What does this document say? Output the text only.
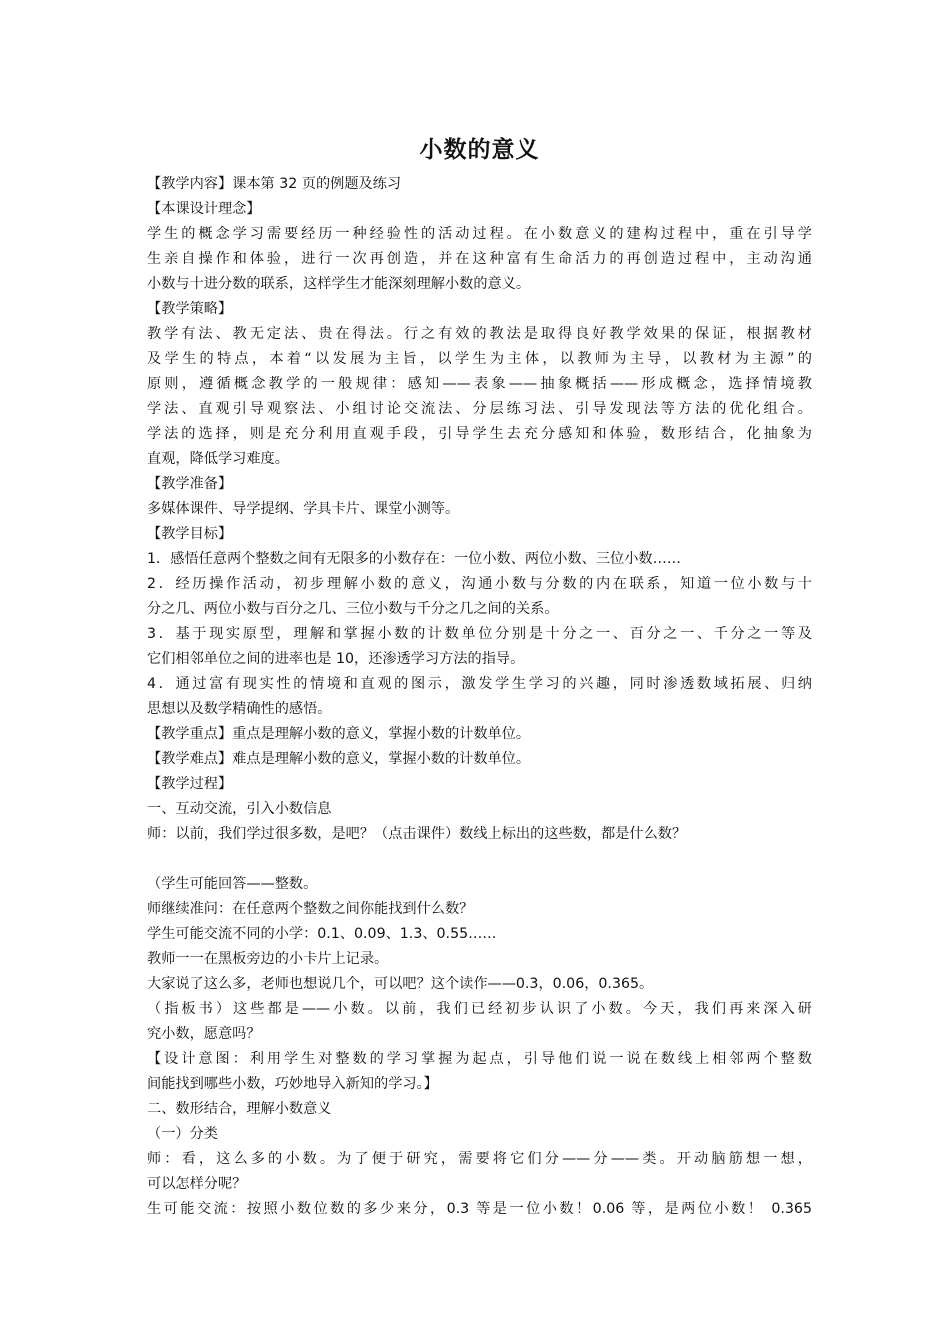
小数的意义
【教学内容】课本第 32 页的例题及练习
【本课设计理念】
学生的概念学习需要经历一种经验性的活动过程。在小数意义的建构过程中，重在引导学
生亲自操作和体验，进行一次再创造，并在这种富有生命活力的再创造过程中，主动沟通
小数与十进分数的联系，这样学生才能深刻理解小数的意义。
【教学策略】
教学有法、教无定法、贵在得法。行之有效的教法是取得良好教学效果的保证，根据教材
及学生的特点，本着“以发展为主旨，以学生为主体，以教师为主导，以教材为主源”的
原则，遵循概念教学的一般规律：感知——表象——抽象概括——形成概念，选择情境教
学法、直观引导观察法、小组讨论交流法、分层练习法、引导发现法等方法的优化组合。
学法的选择，则是充分利用直观手段，引导学生去充分感知和体验，数形结合，化抽象为
直观，降低学习难度。
【教学准备】
多媒体课件、导学提纲、学具卡片、课堂小测等。
【教学目标】
1．感悟任意两个整数之间有无限多的小数存在：一位小数、两位小数、三位小数……
2．经历操作活动，初步理解小数的意义，沟通小数与分数的内在联系，知道一位小数与十
分之几、两位小数与百分之几、三位小数与千分之几之间的关系。
3．基于现实原型，理解和掌握小数的计数单位分别是十分之一、百分之一、千分之一等及
它们相邻单位之间的进率也是 10，还渗透学习方法的指导。
4．通过富有现实性的情境和直观的图示，激发学生学习的兴趣，同时渗透数域拓展、归纳
思想以及数学精确性的感悟。
【教学重点】重点是理解小数的意义，掌握小数的计数单位。
【教学难点】难点是理解小数的意义，掌握小数的计数单位。
【教学过程】
一、互动交流，引入小数信息
师：以前，我们学过很多数，是吧？（点击课件）数线上标出的这些数，都是什么数？
（学生可能回答——整数。
师继续准问：在任意两个整数之间你能找到什么数？
学生可能交流不同的小学：0.1、0.09、1.3、0.55……
教师一一在黑板旁边的小卡片上记录。
大家说了这么多，老师也想说几个，可以吧？这个读作——0.3，0.06，0.365。
（指板书）这些都是——小数。以前，我们已经初步认识了小数。今天，我们再来深入研
究小数，愿意吗？
【设计意图：利用学生对整数的学习掌握为起点，引导他们说一说在数线上相邻两个整数
间能找到哪些小数，巧妙地导入新知的学习。】
二、数形结合，理解小数意义
（一）分类
师：看，这么多的小数。为了便于研究，需要将它们分——分——类。开动脑筋想一想，
可以怎样分呢？
生可能交流：按照小数位数的多少来分，0.3 等是一位小数！0.06 等，是两位小数！ 0.365
